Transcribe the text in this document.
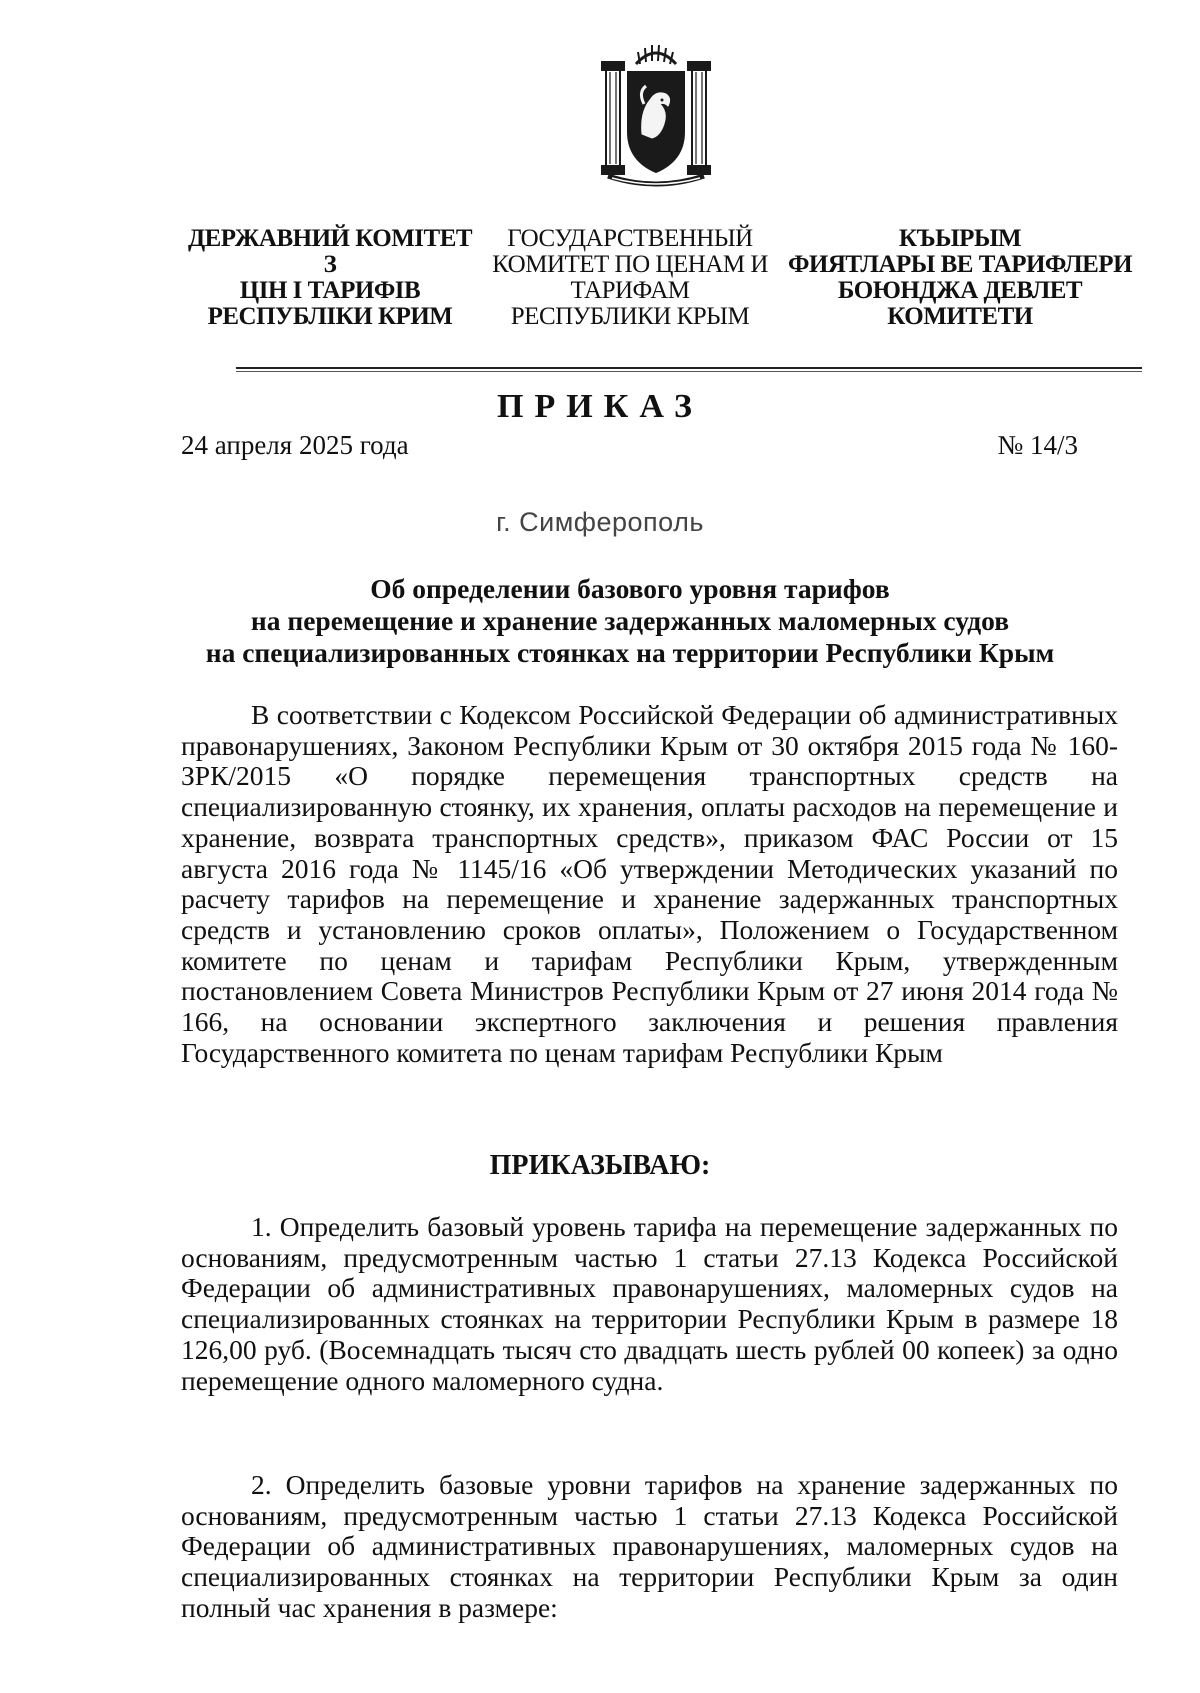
ДЕРЖАВНИЙ КОМІТЕТ З
ЦІН І ТАРИФІВ
РЕСПУБЛІКИ КРИМ
ГОСУДАРСТВЕННЫЙ
КОМИТЕТ ПО ЦЕНАМ И
ТАРИФАМ
РЕСПУБЛИКИ КРЫМ
КЪЫРЫМ
ФИЯТЛАРЫ ВЕ ТАРИФЛЕРИ
БОЮНДЖА ДЕВЛЕТ
КОМИТЕТИ
ПРИКАЗ
24 апреля 2025 года	№ 14/3
г. Симферополь
Об определении базового уровня тарифов
на перемещение и хранение задержанных маломерных судов
на специализированных стоянках на территории Республики Крым
В соответствии с Кодексом Российской Федерации об административных правонарушениях, Законом Республики Крым от 30 октября 2015 года № 160-ЗРК/2015 «О порядке перемещения транспортных средств на специализированную стоянку, их хранения, оплаты расходов на перемещение и хранение, возврата транспортных средств», приказом ФАС России от 15 августа 2016 года № 1145/16 «Об утверждении Методических указаний по расчету тарифов на перемещение и хранение задержанных транспортных средств и установлению сроков оплаты», Положением о Государственном комитете по ценам и тарифам Республики Крым, утвержденным постановлением Совета Министров Республики Крым от 27 июня 2014 года № 166, на основании экспертного заключения и решения правления Государственного комитета по ценам тарифам Республики Крым
ПРИКАЗЫВАЮ:
1. Определить базовый уровень тарифа на перемещение задержанных по основаниям, предусмотренным частью 1 статьи 27.13 Кодекса Российской Федерации об административных правонарушениях, маломерных судов на специализированных стоянках на территории Республики Крым в размере 18 126,00 руб. (Восемнадцать тысяч сто двадцать шесть рублей 00 копеек) за одно перемещение одного маломерного судна.
2. Определить базовые уровни тарифов на хранение задержанных по основаниям, предусмотренным частью 1 статьи 27.13 Кодекса Российской Федерации об административных правонарушениях, маломерных судов на специализированных стоянках на территории Республики Крым за один полный час хранения в размере:
